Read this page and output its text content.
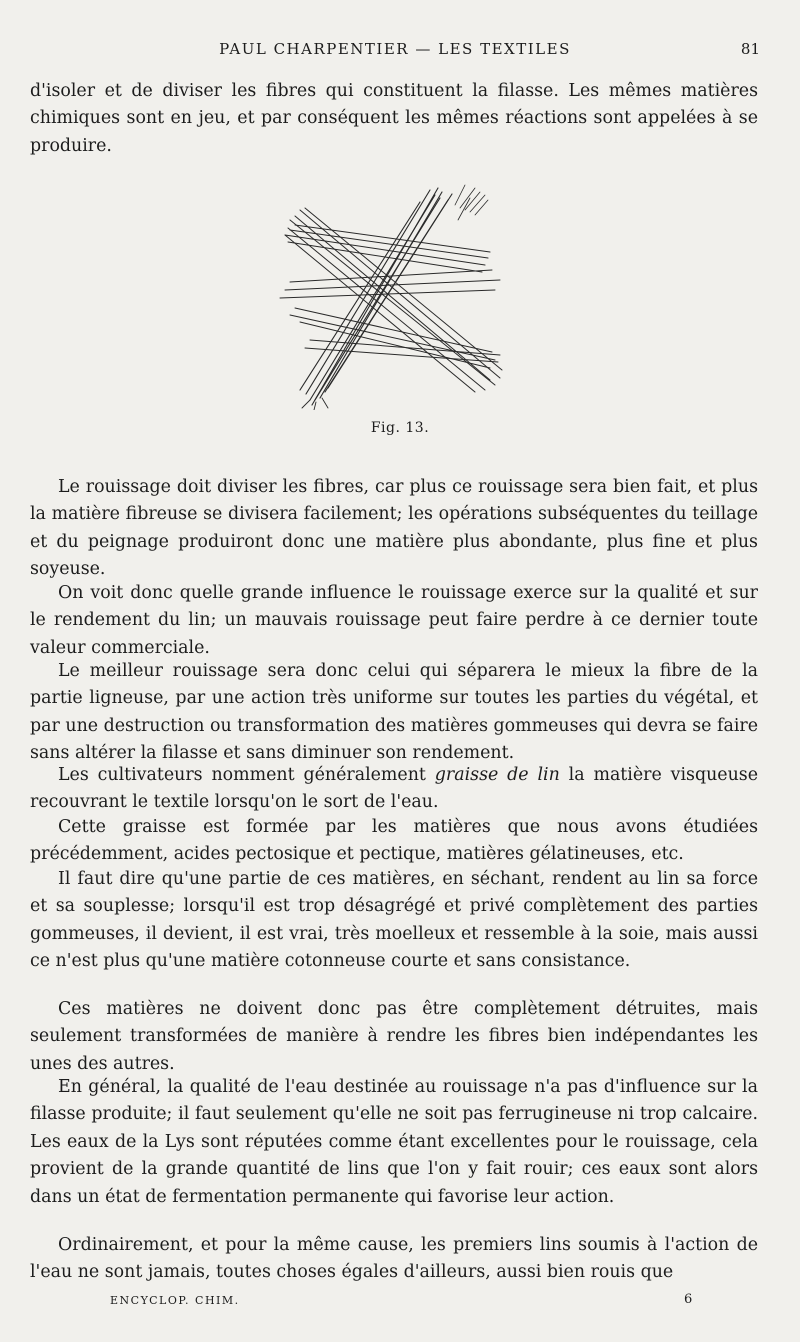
PAUL CHARPENTIER — LES TEXTILES	81

d'isoler et de diviser les fibres qui constituent la filasse. Les mêmes matières chimiques sont en jeu, et par conséquent les mêmes réactions sont appelées à se produire.

Fig. 13.

Le rouissage doit diviser les fibres, car plus ce rouissage sera bien fait, et plus la matière fibreuse se divisera facilement; les opérations subséquentes du teillage et du peignage produiront donc une matière plus abondante, plus fine et plus soyeuse.

On voit donc quelle grande influence le rouissage exerce sur la qualité et sur le rendement du lin; un mauvais rouissage peut faire perdre à ce dernier toute valeur commerciale.

Le meilleur rouissage sera donc celui qui séparera le mieux la fibre de la partie ligneuse, par une action très uniforme sur toutes les parties du végétal, et par une destruction ou transformation des matières gommeuses qui devra se faire sans altérer la filasse et sans diminuer son rendement.

Les cultivateurs nomment généralement graisse de lin la matière visqueuse recouvrant le textile lorsqu'on le sort de l'eau.

Cette graisse est formée par les matières que nous avons étudiées précédemment, acides pectosique et pectique, matières gélatineuses, etc.

Il faut dire qu'une partie de ces matières, en séchant, rendent au lin sa force et sa souplesse; lorsqu'il est trop désagrégé et privé complètement des parties gommeuses, il devient, il est vrai, très moelleux et ressemble à la soie, mais aussi ce n'est plus qu'une matière cotonneuse courte et sans consistance.

Ces matières ne doivent donc pas être complètement détruites, mais seulement transformées de manière à rendre les fibres bien indépendantes les unes des autres.

En général, la qualité de l'eau destinée au rouissage n'a pas d'influence sur la filasse produite; il faut seulement qu'elle ne soit pas ferrugineuse ni trop calcaire. Les eaux de la Lys sont réputées comme étant excellentes pour le rouissage, cela provient de la grande quantité de lins que l'on y fait rouir; ces eaux sont alors dans un état de fermentation permanente qui favorise leur action.

Ordinairement, et pour la même cause, les premiers lins soumis à l'action de l'eau ne sont jamais, toutes choses égales d'ailleurs, aussi bien rouis que

ENCYCLOP. CHIM.	6
